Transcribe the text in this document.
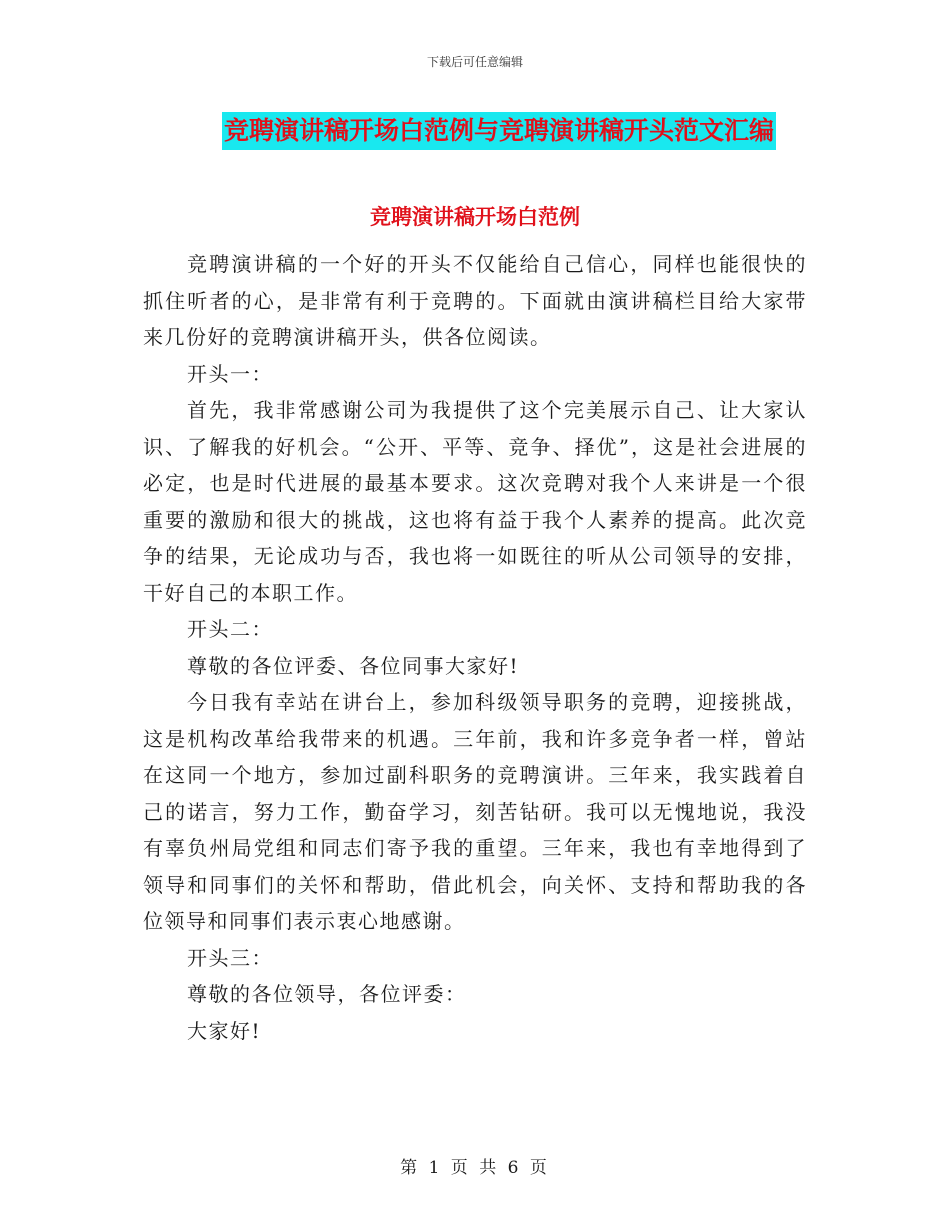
下载后可任意编辑
竞聘演讲稿开场白范例与竞聘演讲稿开头范文汇编
竞聘演讲稿开场白范例

竞聘演讲稿的一个好的开头不仅能给自己信心，同样也能很快的抓住听者的心，是非常有利于竞聘的。下面就由演讲稿栏目给大家带来几份好的竞聘演讲稿开头，供各位阅读。

开头一：

首先，我非常感谢公司为我提供了这个完美展示自己、让大家认识、了解我的好机会。“公开、平等、竞争、择优”，这是社会进展的必定，也是时代进展的最基本要求。这次竞聘对我个人来讲是一个很重要的激励和很大的挑战，这也将有益于我个人素养的提高。此次竞争的结果，无论成功与否，我也将一如既往的听从公司领导的安排，干好自己的本职工作。

开头二：

尊敬的各位评委、各位同事大家好!

今日我有幸站在讲台上，参加科级领导职务的竞聘，迎接挑战，这是机构改革给我带来的机遇。三年前，我和许多竞争者一样，曾站在这同一个地方，参加过副科职务的竞聘演讲。三年来，我实践着自己的诺言，努力工作，勤奋学习，刻苦钻研。我可以无愧地说，我没有辜负州局党组和同志们寄予我的重望。三年来，我也有幸地得到了领导和同事们的关怀和帮助，借此机会，向关怀、支持和帮助我的各位领导和同事们表示衷心地感谢。

开头三：

尊敬的各位领导，各位评委：

大家好!

第 1 页 共 6 页
